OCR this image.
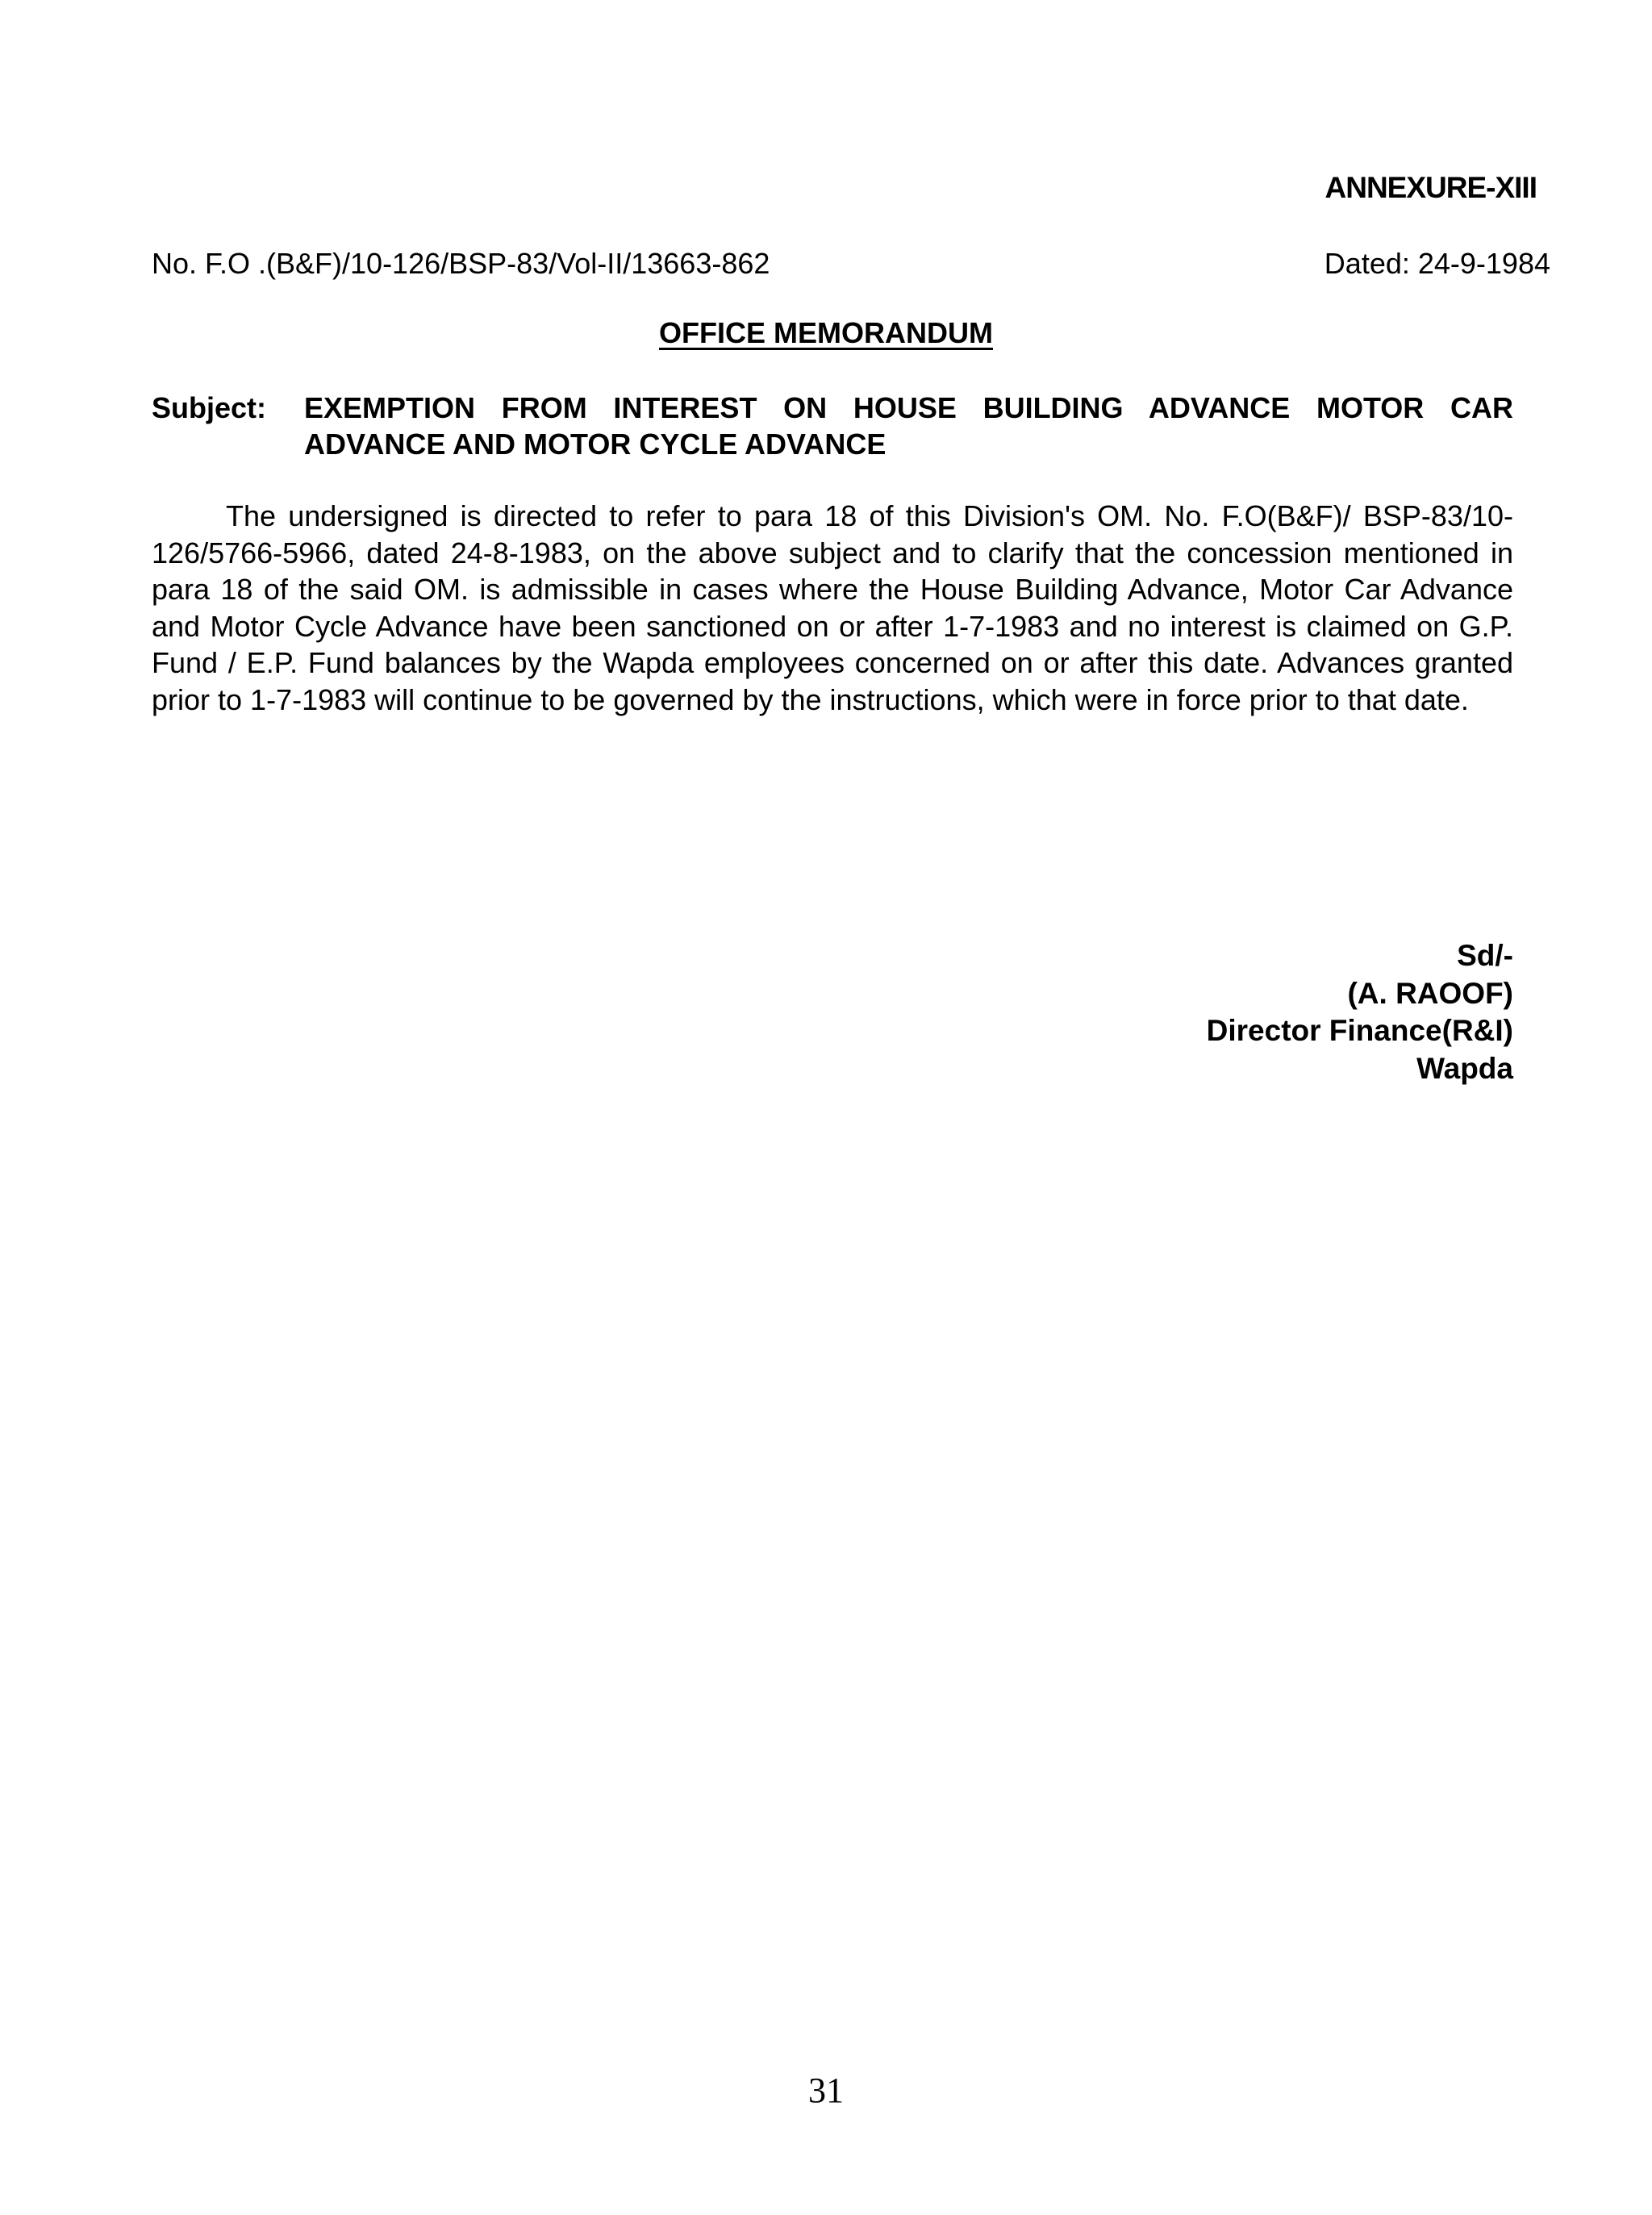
ANNEXURE-XIII
No. F.O .(B&F)/10-126/BSP-83/Vol-II/13663-862	Dated: 24-9-1984
OFFICE MEMORANDUM
Subject: EXEMPTION FROM INTEREST ON HOUSE BUILDING ADVANCE MOTOR CAR ADVANCE AND MOTOR CYCLE ADVANCE

The undersigned is directed to refer to para 18 of this Division's OM. No. F.O(B&F)/ BSP-83/10-126/5766-5966, dated 24-8-1983, on the above subject and to clarify that the concession mentioned in para 18 of the said OM. is admissible in cases where the House Building Advance, Motor Car Advance and Motor Cycle Advance have been sanctioned on or after 1-7-1983 and no interest is claimed on G.P. Fund / E.P. Fund balances by the Wapda employees concerned on or after this date. Advances granted prior to 1-7-1983 will continue to be governed by the instructions, which were in force prior to that date.

Sd/-
(A. RAOOF)
Director Finance(R&I)
Wapda
31
